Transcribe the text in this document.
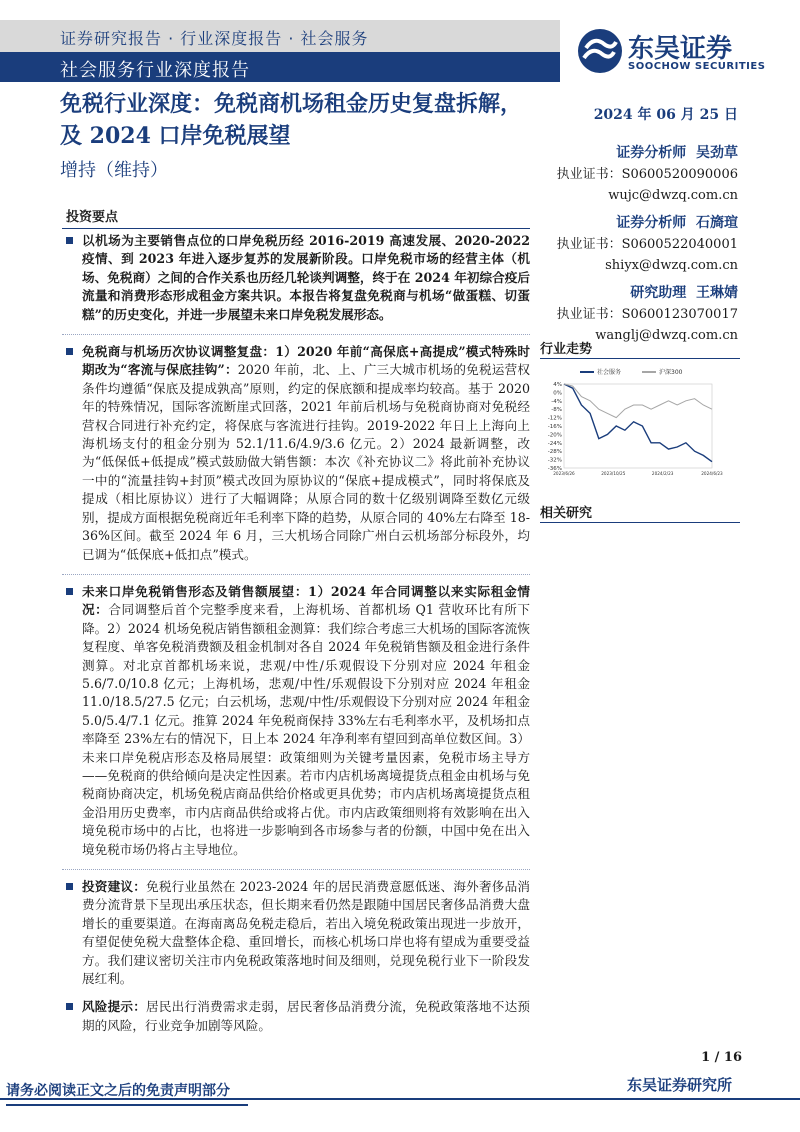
证券研究报告 · 行业深度报告 · 社会服务
社会服务行业深度报告
东吴证券
SOOCHOW SECURITIES
免税行业深度：免税商机场租金历史复盘拆解，及 2024 口岸免税展望
增持（维持）
2024 年 06 月 25 日
证券分析师 吴劲草
执业证书：S0600520090006
wujc@dwzq.com.cn
证券分析师 石旖瑄
执业证书：S0600522040001
shiyx@dwzq.com.cn
研究助理 王琳婧
执业证书：S0600123070017
wanglj@dwzq.com.cn
投资要点
以机场为主要销售点位的口岸免税历经 2016-2019 高速发展、2020-2022 疫情、到 2023 年进入逐步复苏的发展新阶段。口岸免税市场的经营主体（机场、免税商）之间的合作关系也历经几轮谈判调整，终于在 2024 年初综合疫后流量和消费形态形成租金方案共识。本报告将复盘免税商与机场“做蛋糕、切蛋糕”的历史变化，并进一步展望未来口岸免税发展形态。
免税商与机场历次协议调整复盘：1）2020 年前“高保底+高提成”模式特殊时期改为“客流与保底挂钩”：2020 年前，北、上、广三大城市机场的免税运营权条件均遵循“保底及提成孰高”原则，约定的保底额和提成率均较高。基于 2020 年的特殊情况，国际客流断崖式回落，2021 年前后机场与免税商协商对免税经营权合同进行补充约定，将保底与客流进行挂钩。2019-2022 年日上上海向上海机场支付的租金分别为 52.1/11.6/4.9/3.6 亿元。2）2024 最新调整，改为“低保低+低提成”模式鼓励做大销售额：本次《补充协议二》将此前补充协议一中的“流量挂钩+封顶”模式改回为原协议的“保底+提成模式”，同时将保底及提成（相比原协议）进行了大幅调降；从原合同的数十亿级别调降至数亿元级别，提成方面根据免税商近年毛利率下降的趋势，从原合同的 40%左右降至 18-36%区间。截至 2024 年 6 月，三大机场合同除广州白云机场部分标段外，均已调为“低保底+低扣点”模式。
未来口岸免税销售形态及销售额展望：1）2024 年合同调整以来实际租金情况：合同调整后首个完整季度来看，上海机场、首都机场 Q1 营收环比有所下降。2）2024 机场免税店销售额租金测算：我们综合考虑三大机场的国际客流恢复程度、单客免税消费额及租金机制对各自 2024 年免税销售额及租金进行条件测算。对北京首都机场来说，悲观/中性/乐观假设下分别对应 2024 年租金 5.6/7.0/10.8 亿元；上海机场，悲观/中性/乐观假设下分别对应 2024 年租金 11.0/18.5/27.5 亿元；白云机场，悲观/中性/乐观假设下分别对应 2024 年租金 5.0/5.4/7.1 亿元。推算 2024 年免税商保持 33%左右毛利率水平，及机场扣点率降至 23%左右的情况下，日上本 2024 年净利率有望回到高单位数区间。3）未来口岸免税店形态及格局展望：政策细则为关键考量因素，免税市场主导方——免税商的供给倾向是决定性因素。若市内店机场离境提货点租金由机场与免税商协商决定，机场免税店商品供给价格或更具优势；市内店机场离境提货点租金沿用历史费率，市内店商品供给或将占优。市内店政策细则将有效影响在出入境免税市场中的占比，也将进一步影响到各市场参与者的份额，中国中免在出入境免税市场仍将占主导地位。
投资建议：免税行业虽然在 2023-2024 年的居民消费意愿低迷、海外奢侈品消费分流背景下呈现出承压状态，但长期来看仍然是跟随中国居民奢侈品消费大盘增长的重要渠道。在海南离岛免税走稳后，若出入境免税政策出现进一步放开，有望促使免税大盘整体企稳、重回增长，而核心机场口岸也将有望成为重要受益方。我们建议密切关注市内免税政策落地时间及细则，兑现免税行业下一阶段发展红利。
风险提示：居民出行消费需求走弱，居民奢侈品消费分流，免税政策落地不达预期的风险，行业竞争加剧等风险。
行业走势
4%
0%
-4%
-8%
-12%
-16%
-20%
-24%
-28%
-32%
-36%
2023/6/26	2023/10/25	2024/2/23	2024/6/23
社会服务	沪深300
相关研究
1 / 16
请务必阅读正文之后的免责声明部分	东吴证券研究所
